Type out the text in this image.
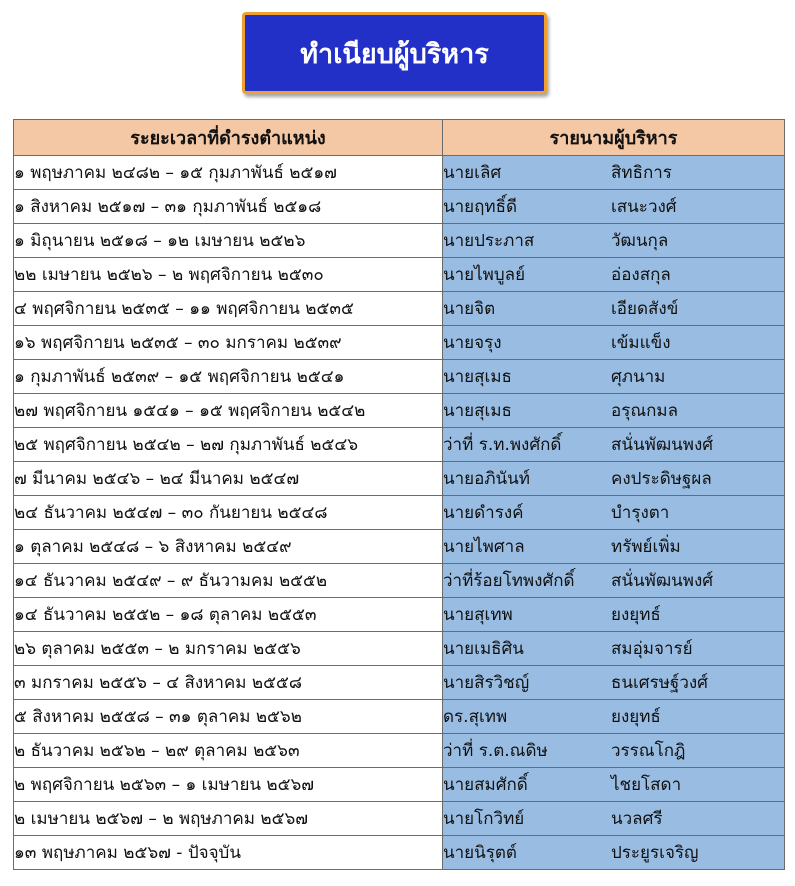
ทำเนียบผู้บริหาร
ระยะเวลาที่ดำรงตำแหน่ง	รายนามผู้บริหาร
๑ พฤษภาคม ๒๔๘๒ – ๑๕ กุมภาพันธ์ ๒๕๑๗	นายเลิศ สิทธิการ
๑ สิงหาคม ๒๕๑๗ – ๓๑ กุมภาพันธ์ ๒๕๑๘	นายฤทธิ์ดี เสนะวงศ์
๑ มิถุนายน ๒๕๑๘ – ๑๒ เมษายน ๒๕๒๖	นายประภาส วัฒนกุล
๒๒ เมษายน ๒๕๒๖ – ๒ พฤศจิกายน ๒๕๓๐	นายไพบูลย์ อ่องสกุล
๔ พฤศจิกายน ๒๕๓๕ – ๑๑ พฤศจิกายน ๒๕๓๕	นายจิต เอียดสังข์
๑๖ พฤศจิกายน ๒๕๓๕ – ๓๐ มกราคม ๒๕๓๙	นายจรุง เข้มแข็ง
๑ กุมภาพันธ์ ๒๕๓๙ – ๑๕ พฤศจิกายน ๒๕๔๑	นายสุเมธ ศุภนาม
๒๗ พฤศจิกายน ๑๕๔๑ – ๑๕ พฤศจิกายน ๒๕๔๒	นายสุเมธ อรุณกมล
๒๕ พฤศจิกายน ๒๕๔๒ – ๒๗ กุมภาพันธ์ ๒๕๔๖	ว่าที่ ร.ท.พงศักดิ์ สนั่นพัฒนพงศ์
๗ มีนาคม ๒๕๔๖ – ๒๔ มีนาคม ๒๕๔๗	นายอภินันท์ คงประดิษฐผล
๒๔ ธันวาคม ๒๕๔๗ – ๓๐ กันยายน ๒๕๔๘	นายดำรงค์ บำรุงตา
๑ ตุลาคม ๒๕๔๘ – ๖ สิงหาคม ๒๕๔๙	นายไพศาล ทรัพย์เพิ่ม
๑๔ ธันวาคม ๒๕๔๙ – ๙ ธันวามคม ๒๕๕๒	ว่าที่ร้อยโทพงศักดิ์ สนั่นพัฒนพงศ์
๑๔ ธันวาคม ๒๕๕๒ – ๑๘ ตุลาคม ๒๕๕๓	นายสุเทพ ยงยุทธ์
๒๖ ตุลาคม ๒๕๕๓ – ๒ มกราคม ๒๕๕๖	นายเมธิศิน สมอุ่มจารย์
๓ มกราคม ๒๕๕๖ – ๔ สิงหาคม ๒๕๕๘	นายสิรวิชญ์ ธนเศรษฐ์วงศ์
๕ สิงหาคม ๒๕๕๘ – ๓๑ ตุลาคม ๒๕๖๒	ดร.สุเทพ ยงยุทธ์
๒ ธันวาคม ๒๕๖๒ – ๒๙ ตุลาคม ๒๕๖๓	ว่าที่ ร.ต.ณดิษ วรรณโกฎิ
๒ พฤศจิกายน ๒๕๖๓ – ๑ เมษายน ๒๕๖๗	นายสมศักดิ์ ไชยโสดา
๒ เมษายน ๒๕๖๗ – ๒ พฤษภาคม ๒๕๖๗	นายโกวิทย์ นวลศรี
๑๓ พฤษภาคม ๒๕๖๗ - ปัจจุบัน	นายนิรุตต์ ประยูรเจริญ
